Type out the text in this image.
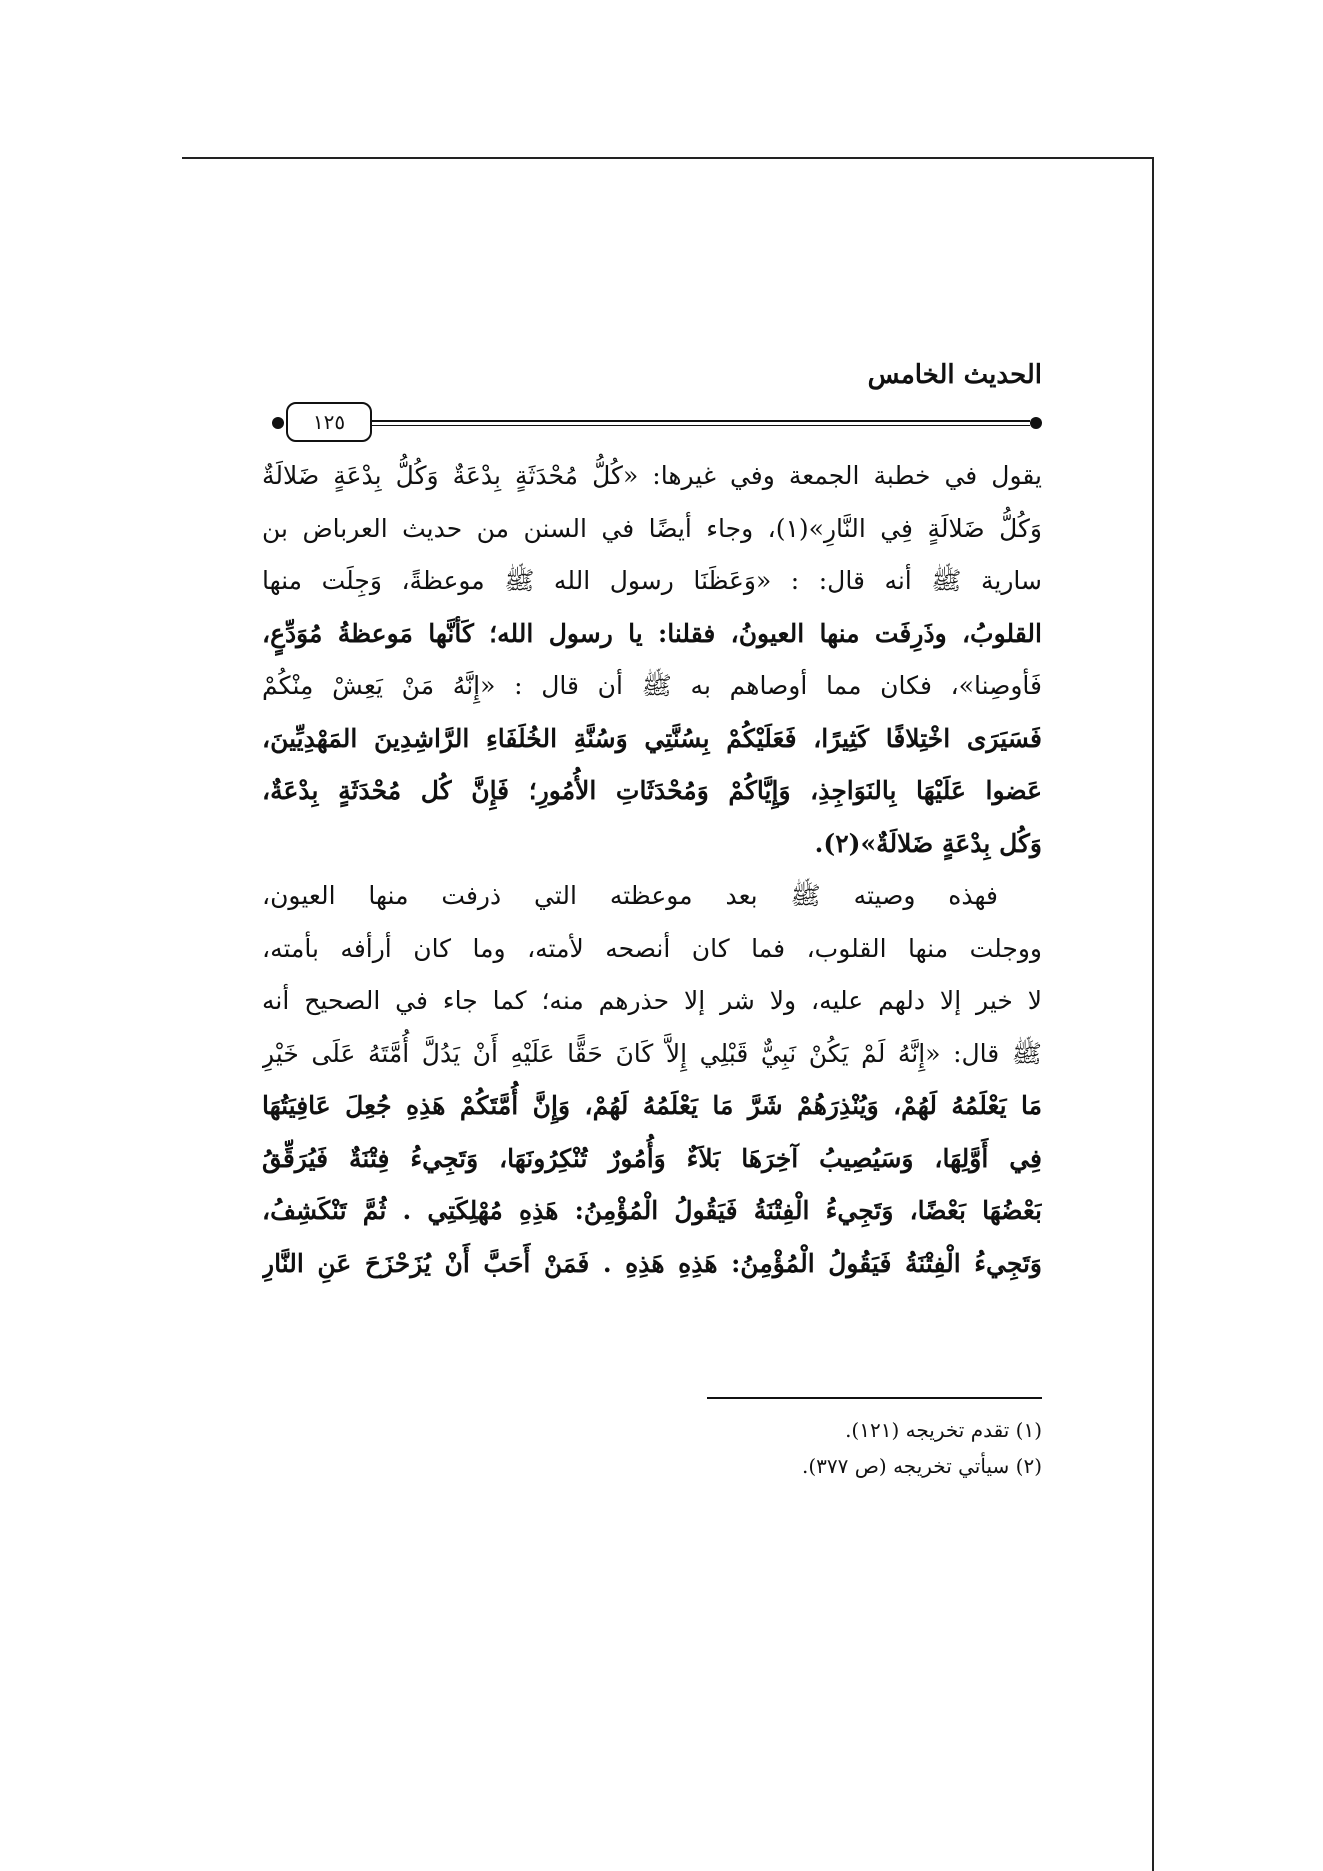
الحديث الخامس
١٢٥
يقول في خطبة الجمعة وفي غيرها: «كُلُّ مُحْدَثَةٍ بِدْعَةٌ وَكُلُّ بِدْعَةٍ ضَلالَةٌ
وَكُلُّ ضَلالَةٍ فِي النَّارِ»(١)، وجاء أيضًا في السنن من حديث العرباض بن
سارية ﷺ أنه قال: : «وَعَظَنَا رسول الله ﷺ موعظةً، وَجِلَت منها
القلوبُ، وذَرِفَت منها العيونُ، فقلنا: يا رسول الله؛ كَأنَّها مَوعظةُ مُوَدِّعٍ،
فَأوصِنا»، فكان مما أوصاهم به ﷺ أن قال : «إِنَّهُ مَنْ يَعِشْ مِنْكُمْ
فَسَيَرَى اخْتِلافًا كَثِيرًا، فَعَلَيْكُمْ بِسُنَّتِي وَسُنَّةِ الخُلَفَاءِ الرَّاشِدِينَ المَهْدِيِّينَ،
عَضوا عَلَيْهَا بِالنَوَاجِذِ، وَإِيَّاكُمْ وَمُحْدَثَاتِ الأُمُورِ؛ فَإِنَّ كُل مُحْدَثَةٍ بِدْعَةٌ،
وَكُل بِدْعَةٍ ضَلالَةٌ»(٢).
فهذه وصيته ﷺ بعد موعظته التي ذرفت منها العيون،
ووجلت منها القلوب، فما كان أنصحه لأمته، وما كان أرأفه بأمته،
لا خير إلا دلهم عليه، ولا شر إلا حذرهم منه؛ كما جاء في الصحيح أنه
ﷺ قال: «إِنَّهُ لَمْ يَكُنْ نَبِيٌّ قَبْلِي إِلاَّ كَانَ حَقًّا عَلَيْهِ أَنْ يَدُلَّ أُمَّتَهُ عَلَى خَيْرِ
مَا يَعْلَمُهُ لَهُمْ، وَيُنْذِرَهُمْ شَرَّ مَا يَعْلَمُهُ لَهُمْ، وَإِنَّ أُمَّتَكُمْ هَذِهِ جُعِلَ عَافِيَتُهَا
فِي أَوَّلِهَا، وَسَيُصِيبُ آخِرَهَا بَلاَءٌ وَأُمُورٌ تُنْكِرُونَهَا، وَتَجِيءُ فِتْنَةٌ فَيُرَقِّقُ
بَعْضُهَا بَعْضًا، وَتَجِيءُ الْفِتْنَةُ فَيَقُولُ الْمُؤْمِنُ: هَذِهِ مُهْلِكَتِي . ثُمَّ تَنْكَشِفُ،
وَتَجِيءُ الْفِتْنَةُ فَيَقُولُ الْمُؤْمِنُ: هَذِهِ هَذِهِ . فَمَنْ أَحَبَّ أَنْ يُزَحْزَحَ عَنِ النَّارِ
(١) تقدم تخريجه (١٢١).
(٢) سيأتي تخريجه (ص ٣٧٧).
